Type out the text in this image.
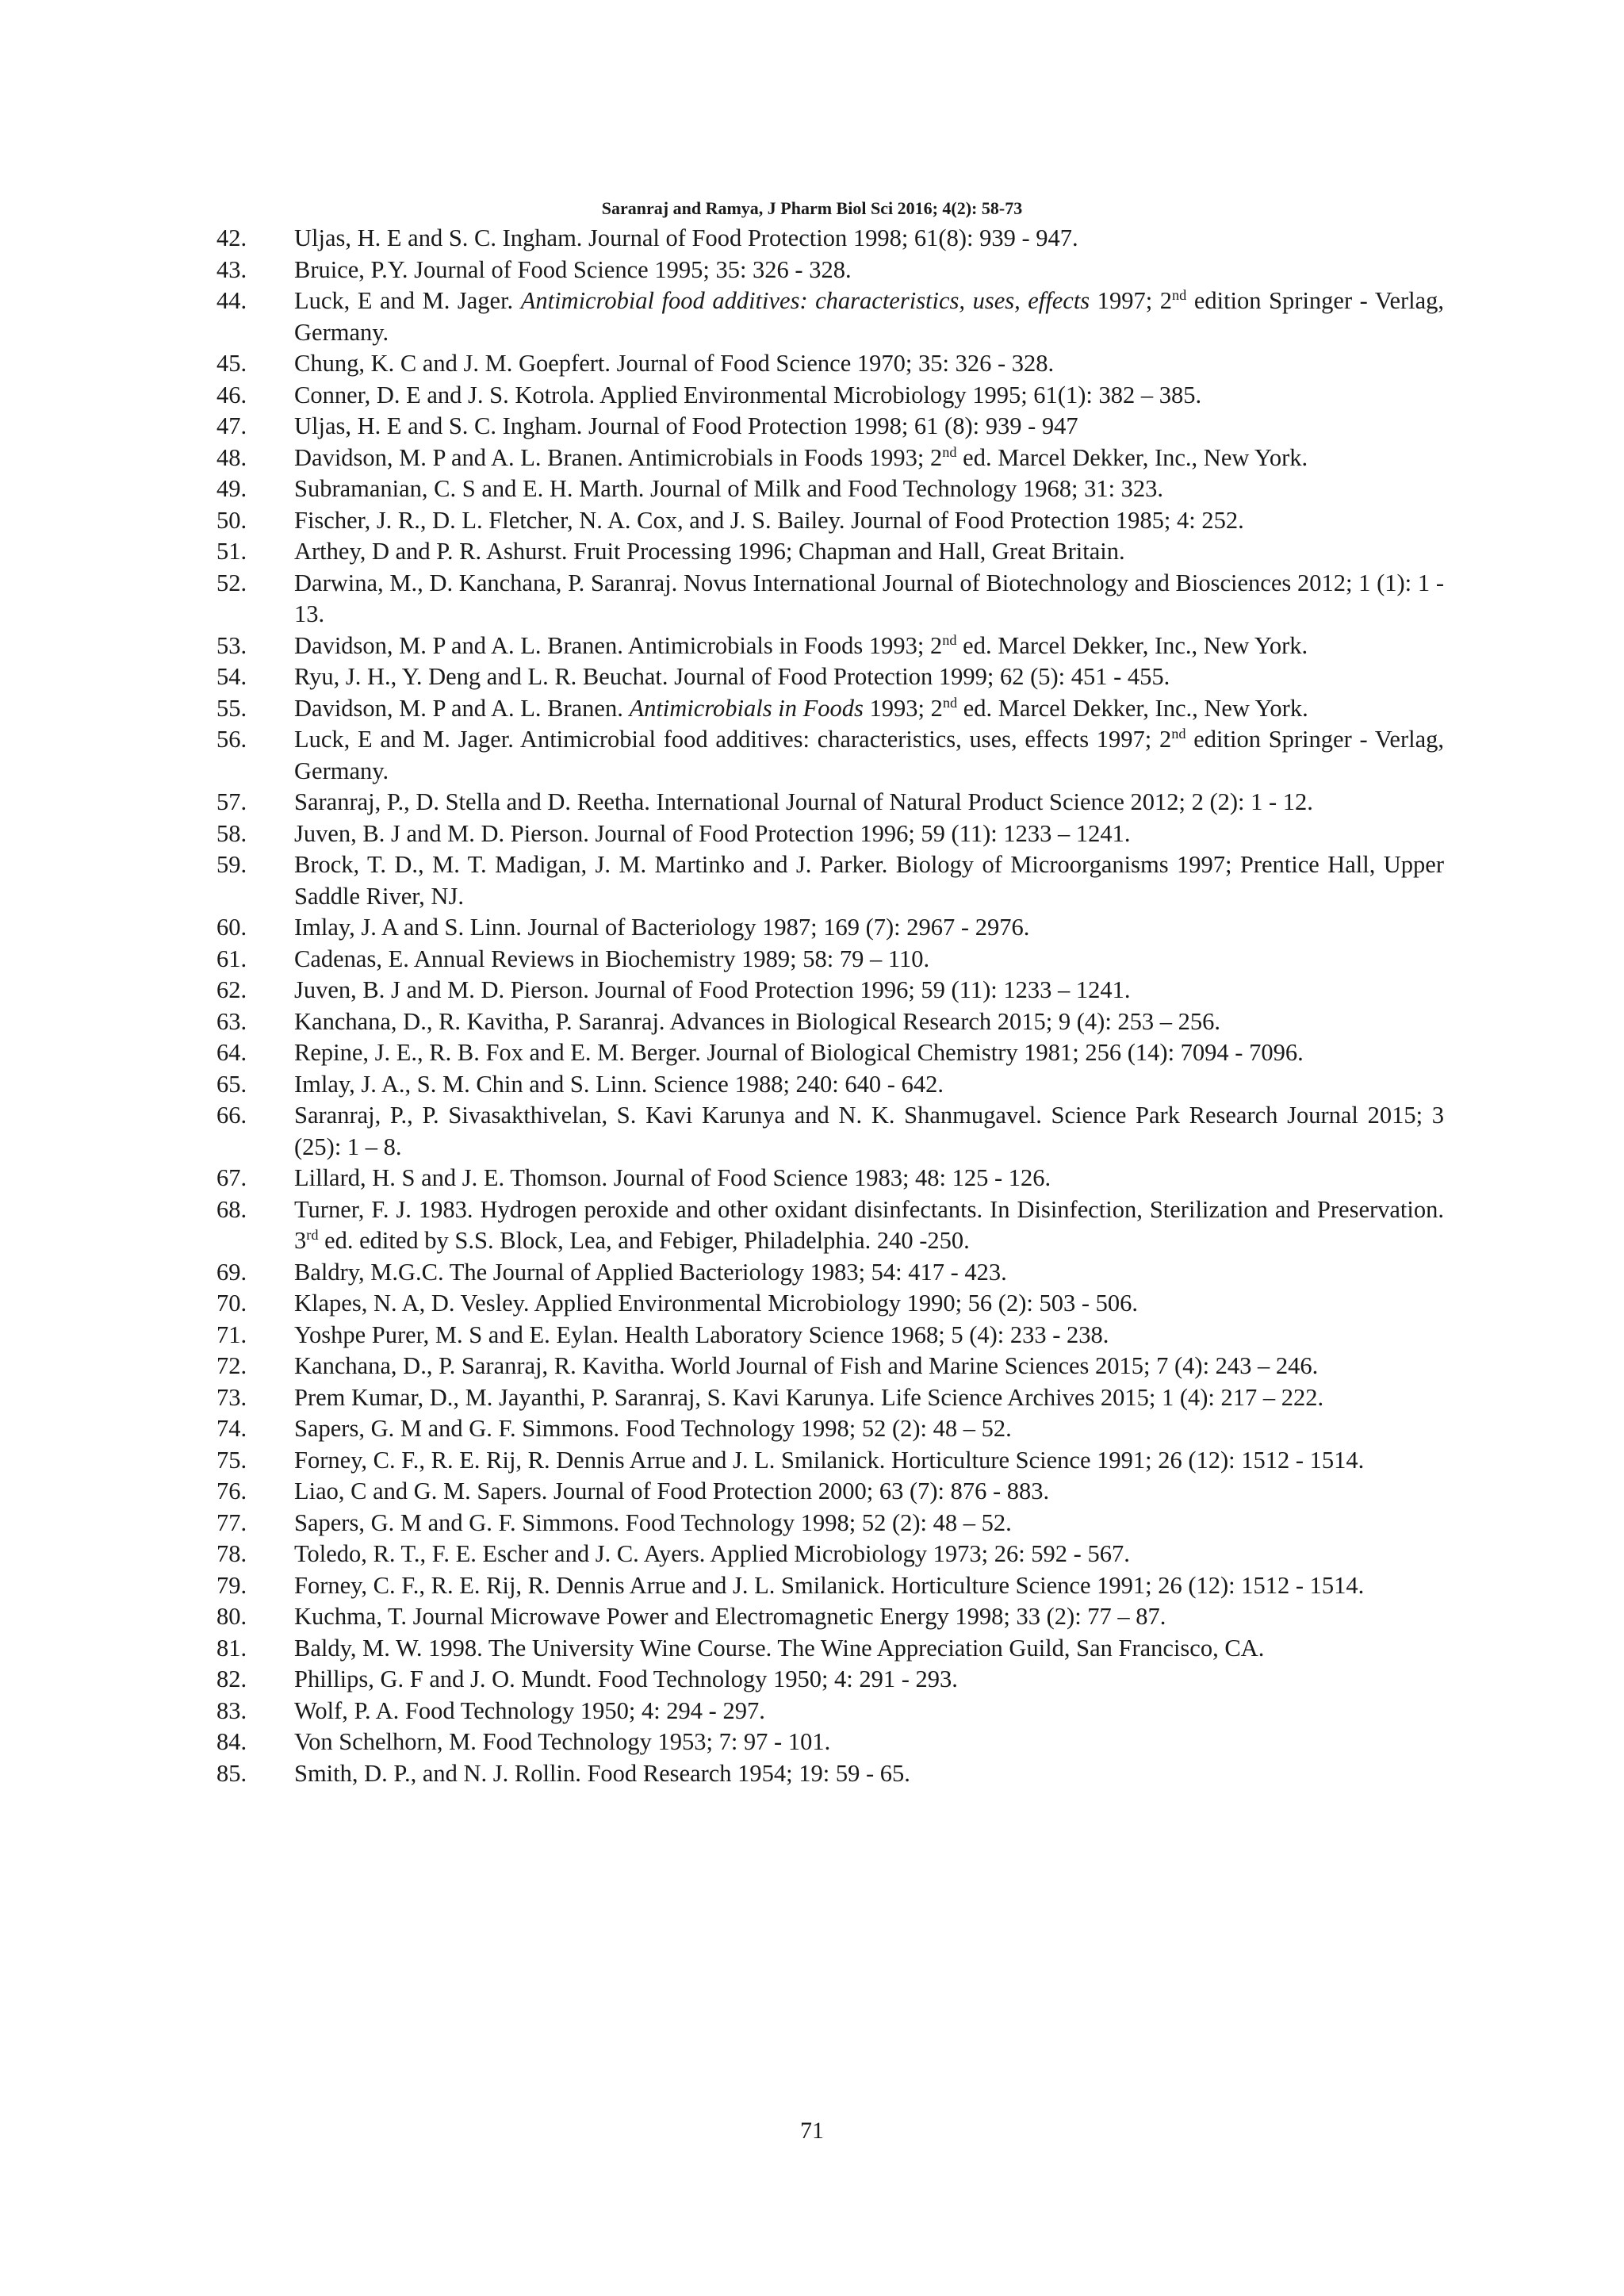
Saranraj and Ramya, J Pharm Biol Sci 2016; 4(2): 58-73
42.	Uljas, H. E and S. C. Ingham. Journal of Food Protection 1998; 61(8): 939 - 947.
43.	Bruice, P.Y. Journal of Food Science 1995; 35: 326 - 328.
44.	Luck, E and M. Jager. Antimicrobial food additives: characteristics, uses, effects 1997; 2nd edition Springer - Verlag, Germany.
45.	Chung, K. C and J. M. Goepfert. Journal of Food Science 1970; 35: 326 - 328.
46.	Conner, D. E and J. S. Kotrola. Applied Environmental Microbiology 1995; 61(1): 382 – 385.
47.	Uljas, H. E and S. C. Ingham. Journal of Food Protection 1998; 61 (8): 939 - 947
48.	Davidson, M. P and A. L. Branen. Antimicrobials in Foods 1993; 2nd ed. Marcel Dekker, Inc., New York.
49.	Subramanian, C. S and E. H. Marth. Journal of Milk and Food Technology 1968; 31: 323.
50.	Fischer, J. R., D. L. Fletcher, N. A. Cox, and J. S. Bailey. Journal of Food Protection 1985; 4: 252.
51.	Arthey, D and P. R. Ashurst. Fruit Processing 1996; Chapman and Hall, Great Britain.
52.	Darwina, M., D. Kanchana, P. Saranraj. Novus International Journal of Biotechnology and Biosciences 2012; 1 (1): 1 - 13.
53.	Davidson, M. P and A. L. Branen. Antimicrobials in Foods 1993; 2nd ed. Marcel Dekker, Inc., New York.
54.	Ryu, J. H., Y. Deng and L. R. Beuchat. Journal of Food Protection 1999; 62 (5): 451 - 455.
55.	Davidson, M. P and A. L. Branen. Antimicrobials in Foods 1993; 2nd ed. Marcel Dekker, Inc., New York.
56.	Luck, E and M. Jager. Antimicrobial food additives: characteristics, uses, effects 1997; 2nd edition Springer - Verlag, Germany.
57.	Saranraj, P., D. Stella and D. Reetha. International Journal of Natural Product Science 2012; 2 (2): 1 - 12.
58.	Juven, B. J and M. D. Pierson. Journal of Food Protection 1996; 59 (11): 1233 – 1241.
59.	Brock, T. D., M. T. Madigan, J. M. Martinko and J. Parker. Biology of Microorganisms 1997; Prentice Hall, Upper Saddle River, NJ.
60.	Imlay, J. A and S. Linn. Journal of Bacteriology 1987; 169 (7): 2967 - 2976.
61.	Cadenas, E. Annual Reviews in Biochemistry 1989; 58: 79 – 110.
62.	Juven, B. J and M. D. Pierson. Journal of Food Protection 1996; 59 (11): 1233 – 1241.
63.	Kanchana, D., R. Kavitha, P. Saranraj. Advances in Biological Research 2015; 9 (4): 253 – 256.
64.	Repine, J. E., R. B. Fox and E. M. Berger. Journal of Biological Chemistry 1981; 256 (14): 7094 - 7096.
65.	Imlay, J. A., S. M. Chin and S. Linn. Science 1988; 240: 640 - 642.
66.	Saranraj, P., P. Sivasakthivelan, S. Kavi Karunya and N. K. Shanmugavel. Science Park Research Journal 2015; 3 (25): 1 – 8.
67.	Lillard, H. S and J. E. Thomson. Journal of Food Science 1983; 48: 125 - 126.
68.	Turner, F. J. 1983. Hydrogen peroxide and other oxidant disinfectants. In Disinfection, Sterilization and Preservation. 3rd ed. edited by S.S. Block, Lea, and Febiger, Philadelphia. 240 -250.
69.	Baldry, M.G.C. The Journal of Applied Bacteriology 1983; 54: 417 - 423.
70.	Klapes, N. A, D. Vesley. Applied Environmental Microbiology 1990; 56 (2): 503 - 506.
71.	Yoshpe Purer, M. S and E. Eylan. Health Laboratory Science 1968; 5 (4): 233 - 238.
72.	Kanchana, D., P. Saranraj, R. Kavitha. World Journal of Fish and Marine Sciences 2015; 7 (4): 243 – 246.
73.	Prem Kumar, D., M. Jayanthi, P. Saranraj, S. Kavi Karunya. Life Science Archives 2015; 1 (4): 217 – 222.
74.	Sapers, G. M and G. F. Simmons. Food Technology 1998; 52 (2): 48 – 52.
75.	Forney, C. F., R. E. Rij, R. Dennis Arrue and J. L. Smilanick. Horticulture Science 1991; 26 (12): 1512 - 1514.
76.	Liao, C and G. M. Sapers. Journal of Food Protection 2000; 63 (7): 876 - 883.
77.	Sapers, G. M and G. F. Simmons. Food Technology 1998; 52 (2): 48 – 52.
78.	Toledo, R. T., F. E. Escher and J. C. Ayers. Applied Microbiology 1973; 26: 592 - 567.
79.	Forney, C. F., R. E. Rij, R. Dennis Arrue and J. L. Smilanick. Horticulture Science 1991; 26 (12): 1512 - 1514.
80.	Kuchma, T. Journal Microwave Power and Electromagnetic Energy 1998; 33 (2): 77 – 87.
81.	Baldy, M. W. 1998. The University Wine Course. The Wine Appreciation Guild, San Francisco, CA.
82.	Phillips, G. F and J. O. Mundt. Food Technology 1950; 4: 291 - 293.
83.	Wolf, P. A. Food Technology 1950; 4: 294 - 297.
84.	Von Schelhorn, M. Food Technology 1953; 7: 97 - 101.
85.	Smith, D. P., and N. J. Rollin. Food Research 1954; 19: 59 - 65.
71
